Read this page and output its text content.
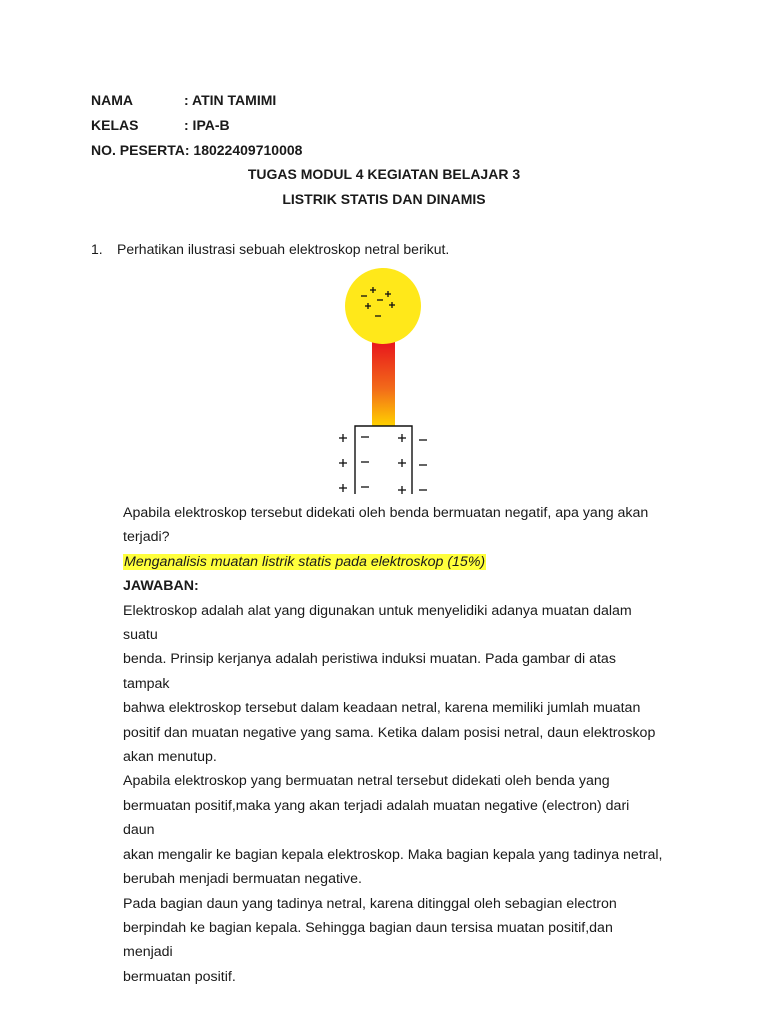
NAMA	: ATIN TAMIMI
KELAS	: IPA-B
NO. PESERTA: 18022409710008
TUGAS MODUL 4 KEGIATAN BELAJAR 3
LISTRIK STATIS DAN DINAMIS
1. Perhatikan ilustrasi sebuah elektroskop netral berikut.
Apabila elektroskop tersebut didekati oleh benda bermuatan negatif, apa yang akan
terjadi?
Menganalisis muatan listrik statis pada elektroskop (15%)
JAWABAN:
Elektroskop adalah alat yang digunakan untuk menyelidiki adanya muatan dalam suatu
benda. Prinsip kerjanya adalah peristiwa induksi muatan. Pada gambar di atas tampak
bahwa elektroskop tersebut dalam keadaan netral, karena memiliki jumlah muatan
positif dan muatan negative yang sama. Ketika dalam posisi netral, daun elektroskop
akan menutup.
Apabila elektroskop yang bermuatan netral tersebut didekati oleh benda yang
bermuatan positif,maka yang akan terjadi adalah muatan negative (electron) dari daun
akan mengalir ke bagian kepala elektroskop. Maka bagian kepala yang tadinya netral,
berubah menjadi bermuatan negative.
Pada bagian daun yang tadinya netral, karena ditinggal oleh sebagian electron
berpindah ke bagian kepala. Sehingga bagian daun tersisa muatan positif,dan menjadi
bermuatan positif.
